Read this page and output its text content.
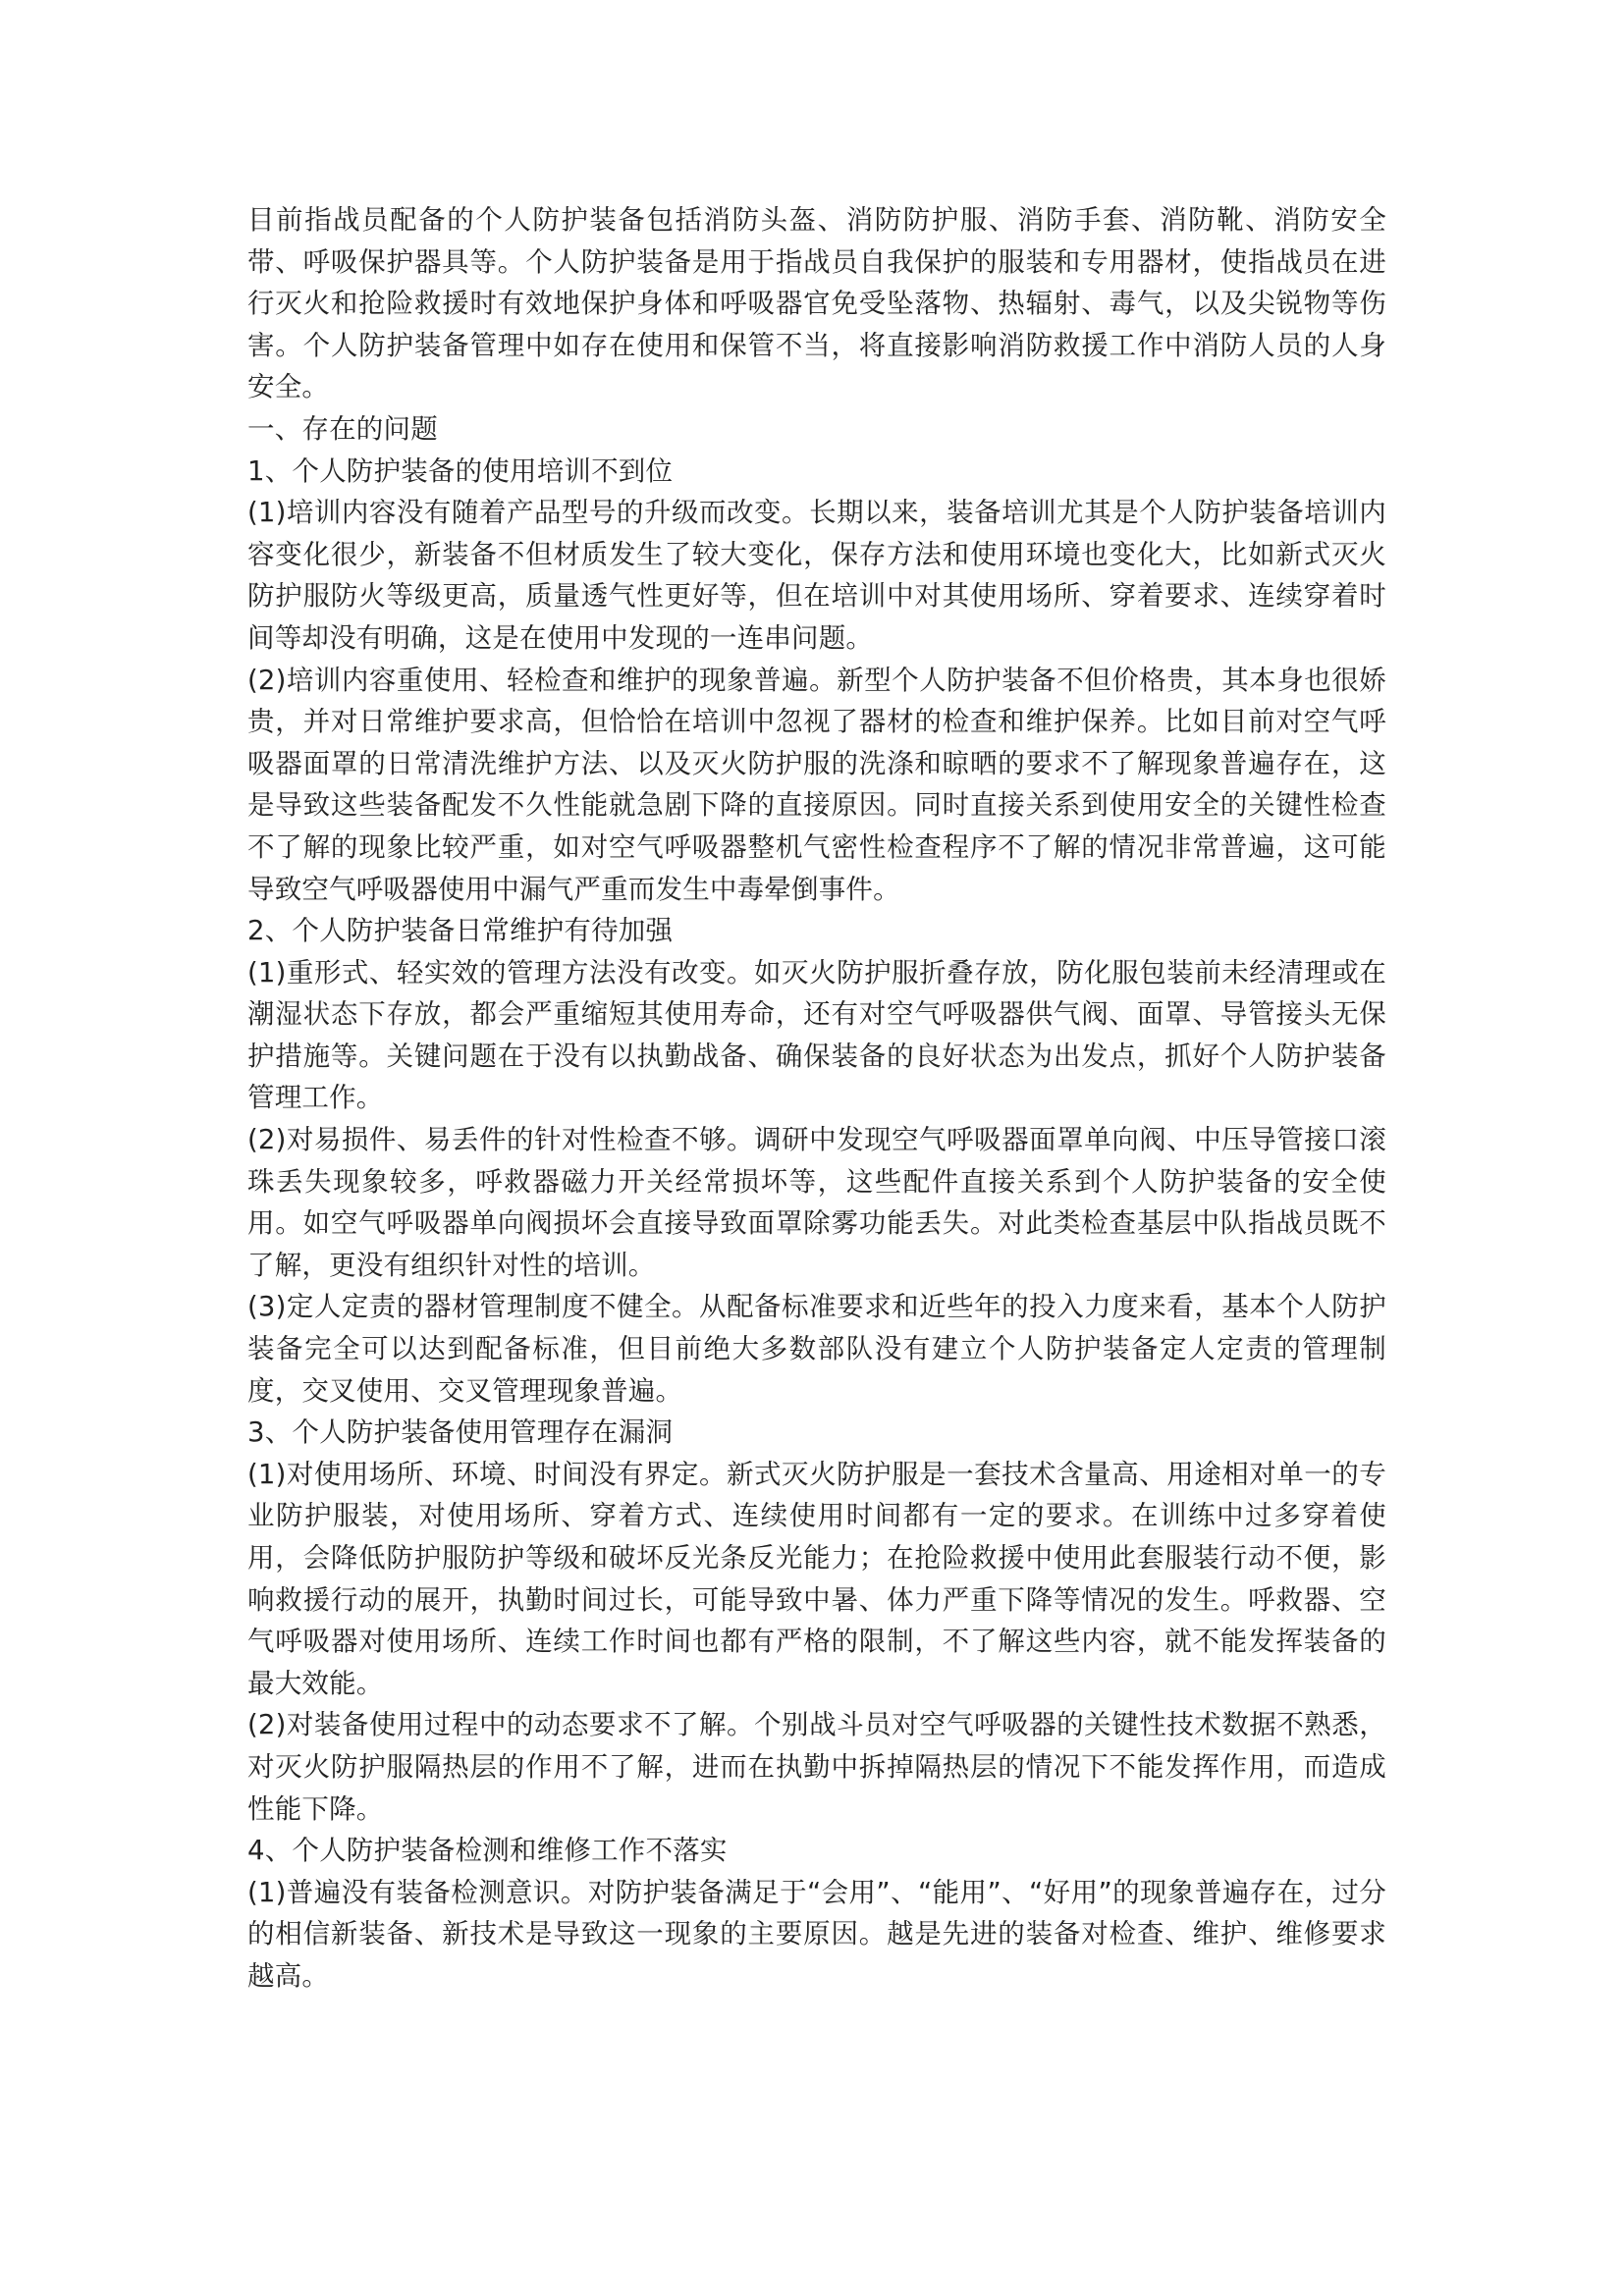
目前指战员配备的个人防护装备包括消防头盔、消防防护服、消防手套、消防靴、消防安全带、呼吸保护器具等。个人防护装备是用于指战员自我保护的服装和专用器材，使指战员在进行灭火和抢险救援时有效地保护身体和呼吸器官免受坠落物、热辐射、毒气，以及尖锐物等伤害。个人防护装备管理中如存在使用和保管不当，将直接影响消防救援工作中消防人员的人身安全。

一、存在的问题

1、个人防护装备的使用培训不到位

(1)培训内容没有随着产品型号的升级而改变。长期以来，装备培训尤其是个人防护装备培训内容变化很少，新装备不但材质发生了较大变化，保存方法和使用环境也变化大，比如新式灭火防护服防火等级更高，质量透气性更好等，但在培训中对其使用场所、穿着要求、连续穿着时间等却没有明确，这是在使用中发现的一连串问题。

(2)培训内容重使用、轻检查和维护的现象普遍。新型个人防护装备不但价格贵，其本身也很娇贵，并对日常维护要求高，但恰恰在培训中忽视了器材的检查和维护保养。比如目前对空气呼吸器面罩的日常清洗维护方法、以及灭火防护服的洗涤和晾晒的要求不了解现象普遍存在，这是导致这些装备配发不久性能就急剧下降的直接原因。同时直接关系到使用安全的关键性检查不了解的现象比较严重，如对空气呼吸器整机气密性检查程序不了解的情况非常普遍，这可能导致空气呼吸器使用中漏气严重而发生中毒晕倒事件。

2、个人防护装备日常维护有待加强

(1)重形式、轻实效的管理方法没有改变。如灭火防护服折叠存放，防化服包装前未经清理或在潮湿状态下存放，都会严重缩短其使用寿命，还有对空气呼吸器供气阀、面罩、导管接头无保护措施等。关键问题在于没有以执勤战备、确保装备的良好状态为出发点，抓好个人防护装备管理工作。

(2)对易损件、易丢件的针对性检查不够。调研中发现空气呼吸器面罩单向阀、中压导管接口滚珠丢失现象较多，呼救器磁力开关经常损坏等，这些配件直接关系到个人防护装备的安全使用。如空气呼吸器单向阀损坏会直接导致面罩除雾功能丢失。对此类检查基层中队指战员既不了解，更没有组织针对性的培训。

(3)定人定责的器材管理制度不健全。从配备标准要求和近些年的投入力度来看，基本个人防护装备完全可以达到配备标准，但目前绝大多数部队没有建立个人防护装备定人定责的管理制度，交叉使用、交叉管理现象普遍。

3、个人防护装备使用管理存在漏洞

(1)对使用场所、环境、时间没有界定。新式灭火防护服是一套技术含量高、用途相对单一的专业防护服装，对使用场所、穿着方式、连续使用时间都有一定的要求。在训练中过多穿着使用，会降低防护服防护等级和破坏反光条反光能力；在抢险救援中使用此套服装行动不便，影响救援行动的展开，执勤时间过长，可能导致中暑、体力严重下降等情况的发生。呼救器、空气呼吸器对使用场所、连续工作时间也都有严格的限制，不了解这些内容，就不能发挥装备的最大效能。

(2)对装备使用过程中的动态要求不了解。个别战斗员对空气呼吸器的关键性技术数据不熟悉，对灭火防护服隔热层的作用不了解，进而在执勤中拆掉隔热层的情况下不能发挥作用，而造成性能下降。

4、个人防护装备检测和维修工作不落实

(1)普遍没有装备检测意识。对防护装备满足于“会用”、“能用”、“好用”的现象普遍存在，过分的相信新装备、新技术是导致这一现象的主要原因。越是先进的装备对检查、维护、维修要求越高。
